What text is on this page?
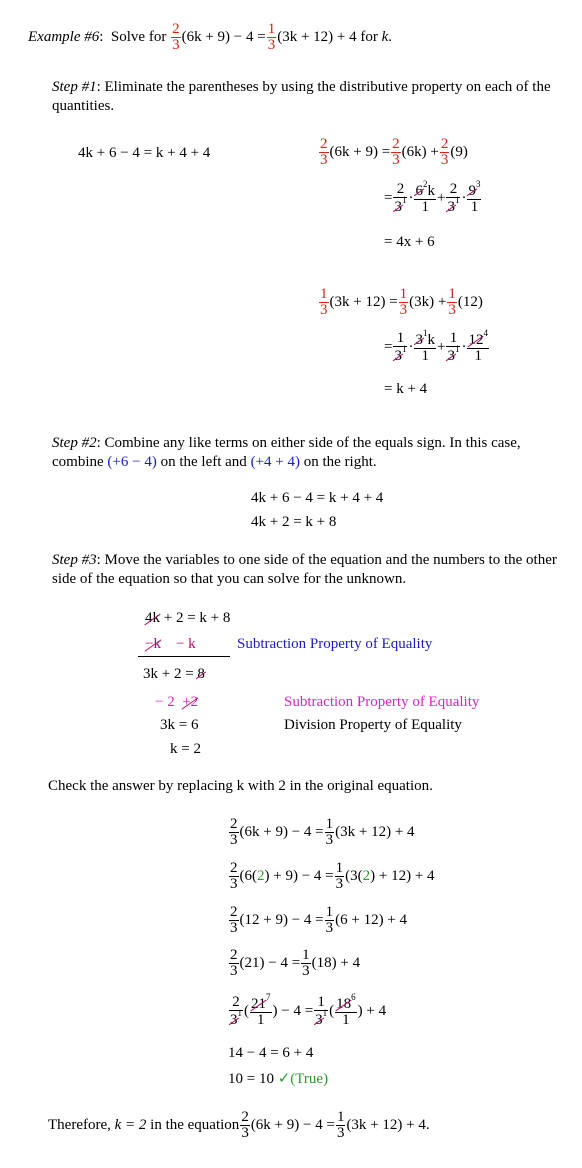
Example #6 : Solve for
$\frac{2}{3} (6k + 9) - 4 = \frac{1}{3} (3k + 12) + 4$
for
k .
Step #1: Eliminate the parentheses by using the distributive property on each of the quantities.
4k + 6 − 4 = k + 4 + 4	$\frac{2}{3} (6k + 9) = \frac{2}{3} (6k) + \frac{2}{3} (9)$
= $\frac{2}{3^1} \cdot \frac{6^2k}{1} + \frac{2}{3^1} \cdot \frac{9^3}{1}$
= 4x + 6
$\frac{1}{3} (3k + 12) = \frac{1}{3} (3k) + \frac{1}{3} (12)$
= $\frac{1}{3^1} \cdot \frac{3^1k}{1} + \frac{1}{3^1} \cdot \frac{12^4}{1}$
= k + 4
Step #2: Combine any like terms on either side of the equals sign. In this case,
combine (+6 − 4) on the left and (+4 + 4) on the right.
4k + 6 − 4 = k + 4 + 4
4k + 2 = k + 8
Step #3: Move the variables to one side of the equation and the numbers to the other side of the equation so that you can solve for the unknown.
4k + 2 = k + 8
−k − k	Subtraction Property of Equality
3k + 2 = 8
− 2 +2	Subtraction Property of Equality
3k = 6	Division Property of Equality
k = 2
Check the answer by replacing k with 2 in the original equation.
$\frac{2}{3} (6k + 9) - 4 = \frac{1}{3} (3k + 12) + 4$
$\frac{2}{3} (6$( 2 ) + $9) - 4 = \frac{1}{3} (3$( 2 ) + 12) + 4
$\frac{2}{3} (12 + 9) - 4 = \frac{1}{3} (6 + 12) + 4$
$\frac{2}{3} (21) - 4 = \frac{1}{3} (18) + 4$
$\frac{2}{3^1}$ ( $\frac{21^7}{1}$ ) − $4 = \frac{1}{3^1}$ ( $\frac{18^6}{1}$ ) + 4
14 − 4 = 6 + 4
10 = 10 ✓(True)
Therefore,
k = 2
in the equation $\frac{2}{3} (6k + 9) - 4 = \frac{1}{3} (3k + 12) + 4$.
